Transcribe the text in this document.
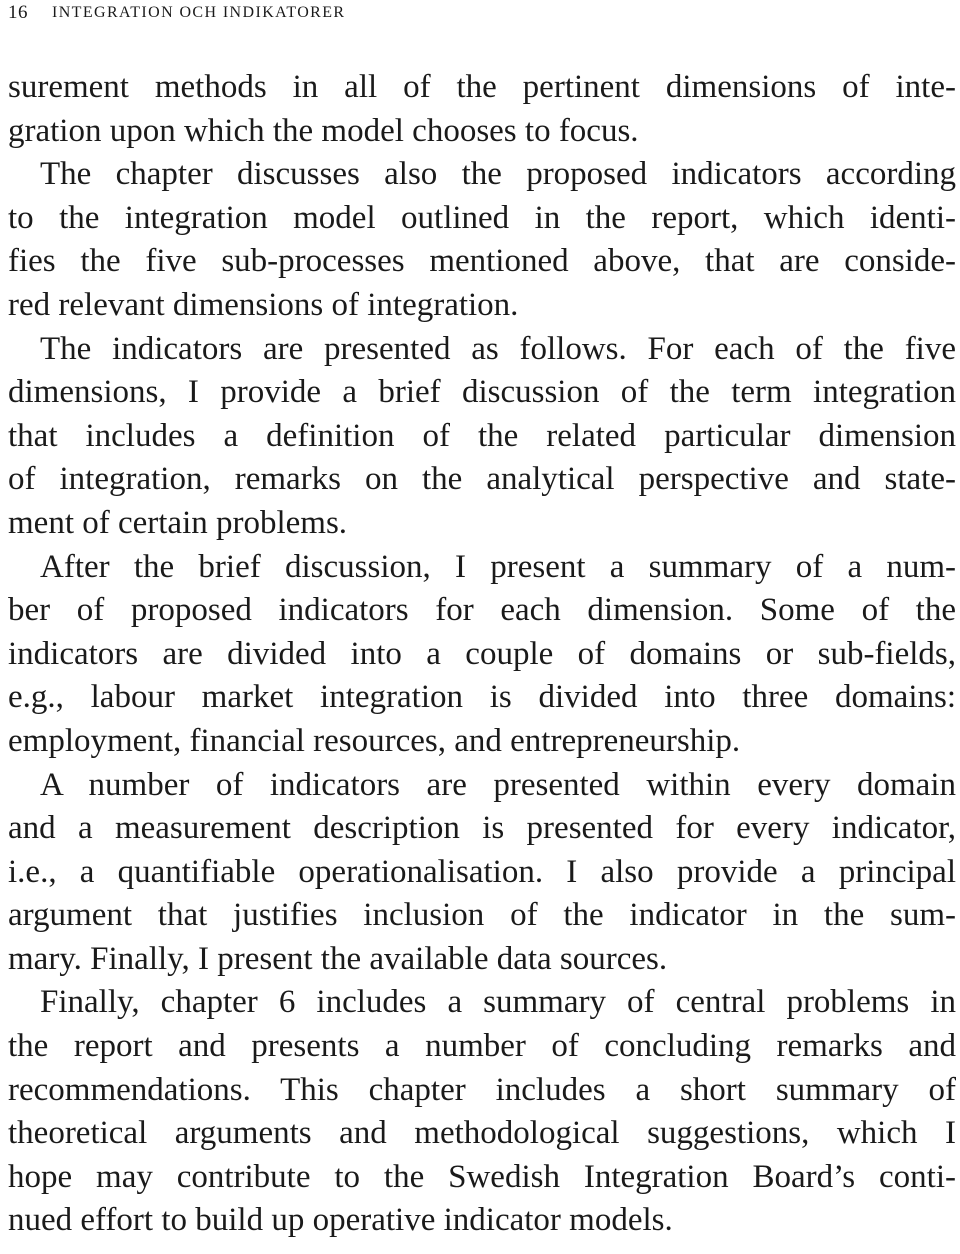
16 INTEGRATION OCH INDIKATORER
surement methods in all of the pertinent dimensions of inte-
gration upon which the model chooses to focus.
The chapter discusses also the proposed indicators according
to the integration model outlined in the report, which identi-
fies the five sub-processes mentioned above, that are conside-
red relevant dimensions of integration.
The indicators are presented as follows. For each of the five
dimensions, I provide a brief discussion of the term integration
that includes a definition of the related particular dimension
of integration, remarks on the analytical perspective and state-
ment of certain problems.
After the brief discussion, I present a summary of a num-
ber of proposed indicators for each dimension. Some of the
indicators are divided into a couple of domains or sub-fields,
e.g., labour market integration is divided into three domains:
employment, financial resources, and entrepreneurship.
A number of indicators are presented within every domain
and a measurement description is presented for every indicator,
i.e., a quantifiable operationalisation. I also provide a principal
argument that justifies inclusion of the indicator in the sum-
mary. Finally, I present the available data sources.
Finally, chapter 6 includes a summary of central problems in
the report and presents a number of concluding remarks and
recommendations. This chapter includes a short summary of
theoretical arguments and methodological suggestions, which I
hope may contribute to the Swedish Integration Board’s conti-
nued effort to build up operative indicator models.
